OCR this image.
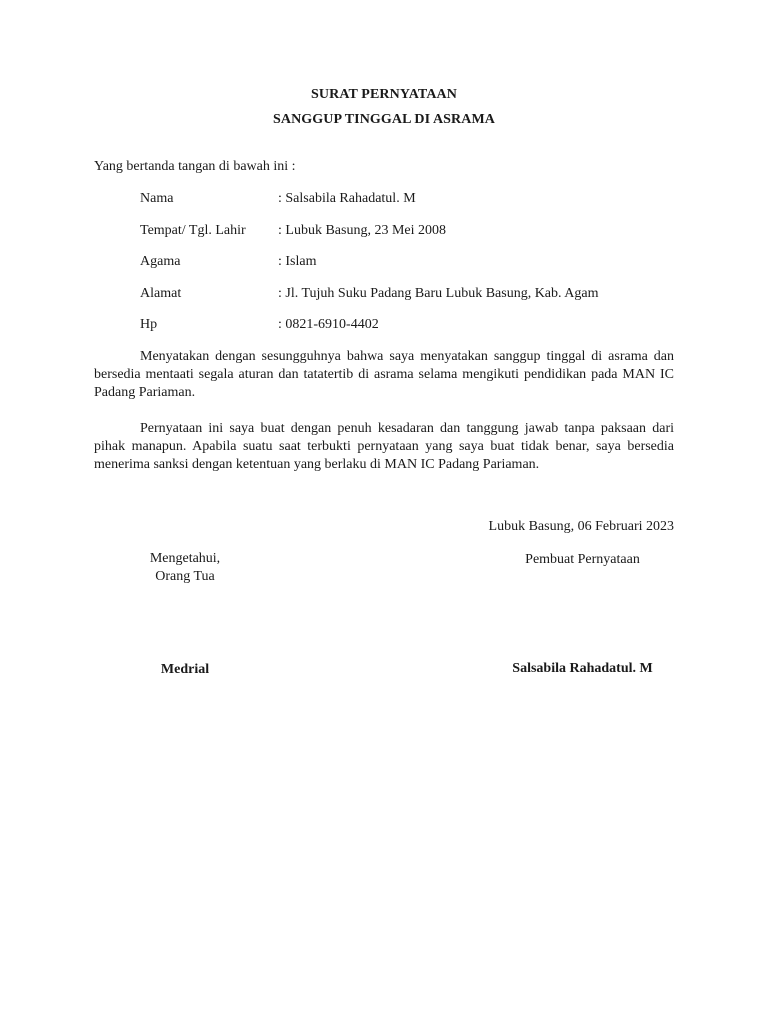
SURAT PERNYATAAN
SANGGUP TINGGAL DI ASRAMA
Yang bertanda tangan di bawah ini :
Nama	: Salsabila Rahadatul. M
Tempat/ Tgl. Lahir : Lubuk Basung, 23 Mei 2008
Agama	: Islam
Alamat	: Jl. Tujuh Suku Padang Baru Lubuk Basung, Kab. Agam
Hp	: 0821-6910-4402
Menyatakan dengan sesungguhnya bahwa saya menyatakan sanggup tinggal di asrama dan bersedia mentaati segala aturan dan tatatertib di asrama selama mengikuti pendidikan pada MAN IC Padang Pariaman.
Pernyataan ini saya buat dengan penuh kesadaran dan tanggung jawab tanpa paksaan dari pihak manapun. Apabila suatu saat terbukti pernyataan yang saya buat tidak benar, saya bersedia menerima sanksi dengan ketentuan yang berlaku di MAN IC Padang Pariaman.
Lubuk Basung, 06 Februari 2023
Mengetahui,
Orang Tua
Pembuat Pernyataan
Medrial	Salsabila Rahadatul. M
